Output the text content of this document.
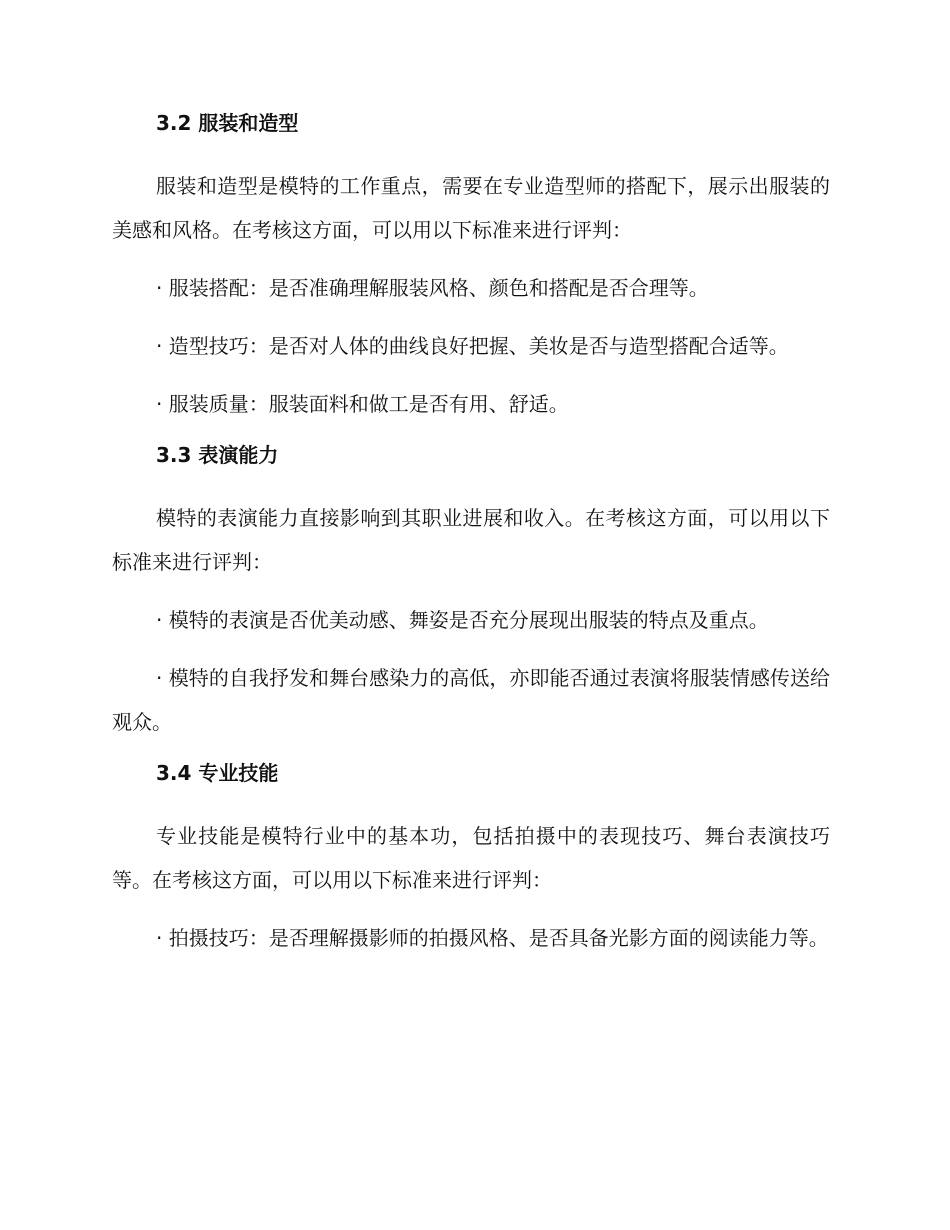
3.2 服装和造型

服装和造型是模特的工作重点，需要在专业造型师的搭配下，展示出服装的美感和风格。在考核这方面，可以用以下标准来进行评判：

· 服装搭配：是否准确理解服装风格、颜色和搭配是否合理等。

· 造型技巧：是否对人体的曲线良好把握、美妆是否与造型搭配合适等。

· 服装质量：服装面料和做工是否有用、舒适。

3.3 表演能力

模特的表演能力直接影响到其职业进展和收入。在考核这方面，可以用以下标准来进行评判：

· 模特的表演是否优美动感、舞姿是否充分展现出服装的特点及重点。

· 模特的自我抒发和舞台感染力的高低，亦即能否通过表演将服装情感传送给观众。

3.4 专业技能

专业技能是模特行业中的基本功，包括拍摄中的表现技巧、舞台表演技巧等。在考核这方面，可以用以下标准来进行评判：

· 拍摄技巧：是否理解摄影师的拍摄风格、是否具备光影方面的阅读能力等。
